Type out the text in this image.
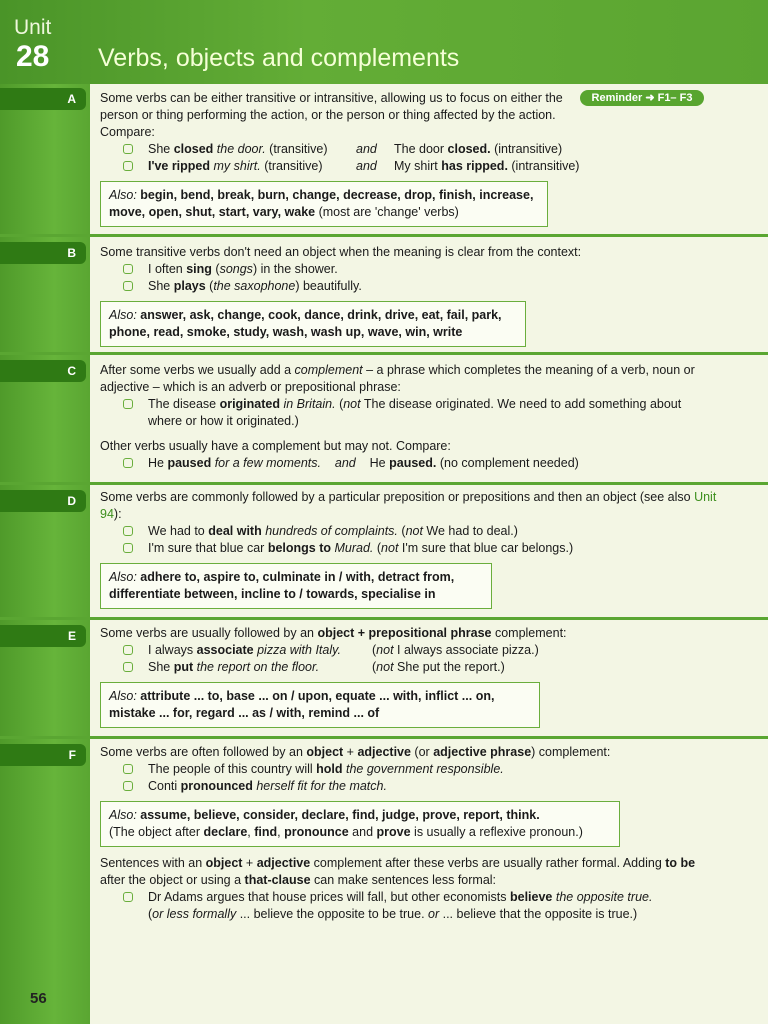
Unit
28 Verbs, objects and complements
Reminder ➜ F1– F3
A
B
C
D
E
F

Some verbs can be either transitive or intransitive, allowing us to focus on either the person or thing performing the action, or the person or thing affected by the action. Compare:

She closed the door. (transitive) and The door closed. (intransitive)
I've ripped my shirt. (transitive)	and My shirt has ripped. (intransitive)
Also: begin, bend, break, burn, change, decrease, drop, finish, increase, move, open, shut, start, vary, wake (most are 'change' verbs)

Some transitive verbs don't need an object when the meaning is clear from the context:

I often sing (songs) in the shower.
She plays (the saxophone) beautifully.
Also: answer, ask, change, cook, dance, drink, drive, eat, fail, park, phone, read, smoke, study, wash, wash up, wave, win, write

After some verbs we usually add a complement – a phrase which completes the meaning of a verb, noun or adjective – which is an adverb or prepositional phrase:

The disease originated in Britain. (not The disease originated. We need to add something about where or how it originated.)

Other verbs usually have a complement but may not. Compare:

He paused for a few moments. and He paused. (no complement needed)

Some verbs are commonly followed by a particular preposition or prepositions and then an object (see also Unit 94):

We had to deal with hundreds of complaints. (not We had to deal.)
I'm sure that blue car belongs to Murad. (not I'm sure that blue car belongs.)
Also: adhere to, aspire to, culminate in / with, detract from, differentiate between, incline to / towards, specialise in

Some verbs are usually followed by an object + prepositional phrase complement:

I always associate pizza with Italy. (not I always associate pizza.)
She put the report on the floor.	(not She put the report.)
Also: attribute ... to, base ... on / upon, equate ... with, inflict ... on, mistake ... for, regard ... as / with, remind ... of

Some verbs are often followed by an object + adjective (or adjective phrase) complement:

The people of this country will hold the government responsible.
Conti pronounced herself fit for the match.
Also: assume, believe, consider, declare, find, judge, prove, report, think.
(The object after declare, find, pronounce and prove is usually a reflexive pronoun.)

Sentences with an object + adjective complement after these verbs are usually rather formal. Adding to be after the object or using a that-clause can make sentences less formal:

Dr Adams argues that house prices will fall, but other economists believe the opposite true.
(or less formally ... believe the opposite to be true. or ... believe that the opposite is true.)
56
